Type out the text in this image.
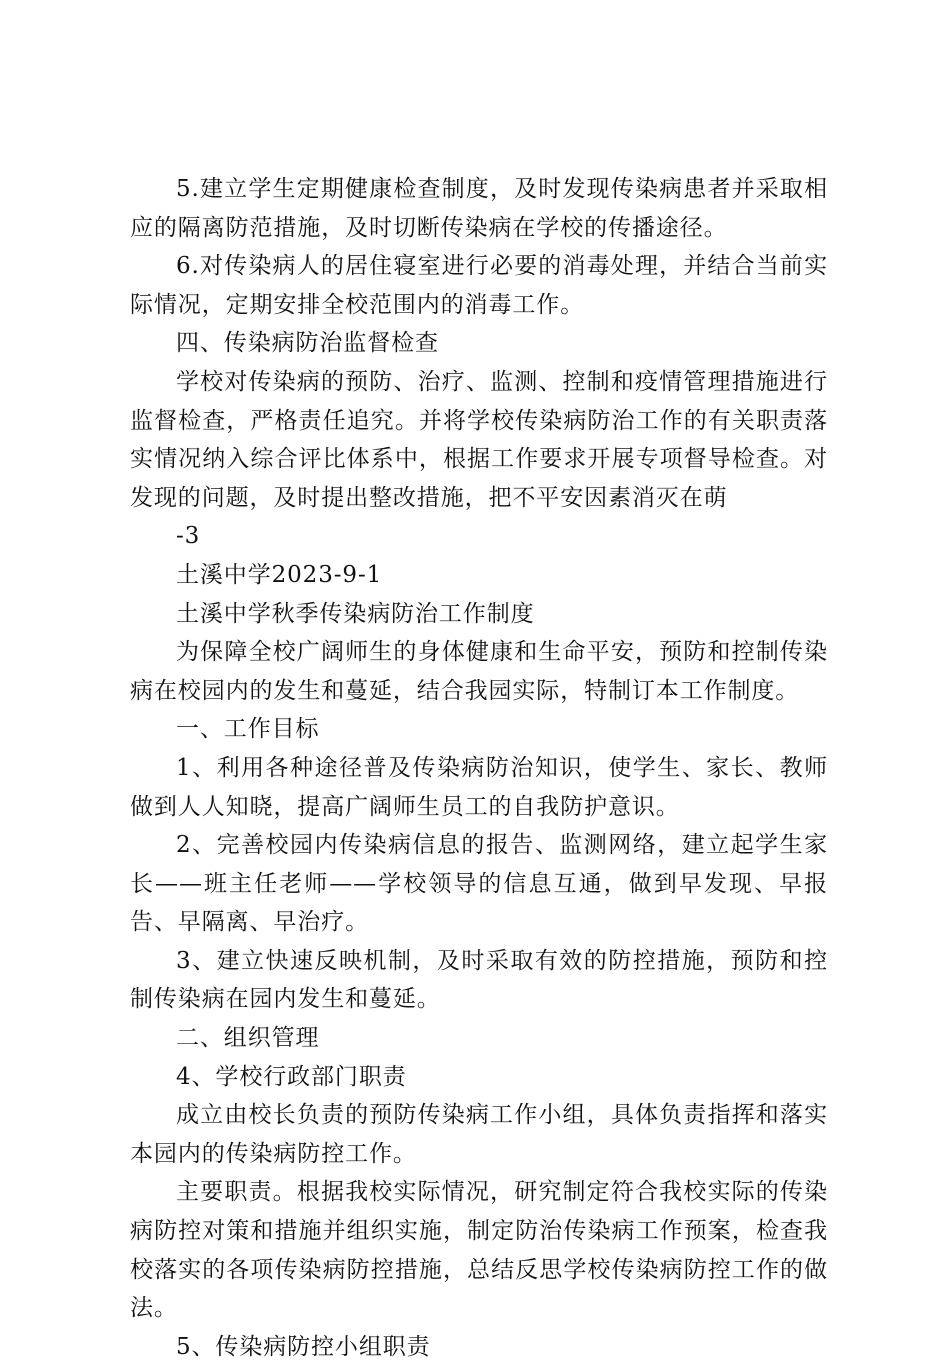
5.建立学生定期健康检查制度，及时发现传染病患者并采取相应的隔离防范措施，及时切断传染病在学校的传播途径。

6.对传染病人的居住寝室进行必要的消毒处理，并结合当前实际情况，定期安排全校范围内的消毒工作。

四、传染病防治监督检查

学校对传染病的预防、治疗、监测、控制和疫情管理措施进行监督检查，严格责任追究。并将学校传染病防治工作的有关职责落实情况纳入综合评比体系中，根据工作要求开展专项督导检查。对发现的问题，及时提出整改措施，把不平安因素消灭在萌

-3

土溪中学2023-9-1

土溪中学秋季传染病防治工作制度

为保障全校广阔师生的身体健康和生命平安，预防和控制传染病在校园内的发生和蔓延，结合我园实际，特制订本工作制度。

一、工作目标

1、利用各种途径普及传染病防治知识，使学生、家长、教师做到人人知晓，提高广阔师生员工的自我防护意识。

2、完善校园内传染病信息的报告、监测网络，建立起学生家长——班主任老师——学校领导的信息互通，做到早发现、早报告、早隔离、早治疗。

3、建立快速反映机制，及时采取有效的防控措施，预防和控制传染病在园内发生和蔓延。

二、组织管理

4、学校行政部门职责

成立由校长负责的预防传染病工作小组，具体负责指挥和落实本园内的传染病防控工作。

主要职责。根据我校实际情况，研究制定符合我校实际的传染病防控对策和措施并组织实施，制定防治传染病工作预案，检查我校落实的各项传染病防控措施，总结反思学校传染病防控工作的做法。

5、传染病防控小组职责
